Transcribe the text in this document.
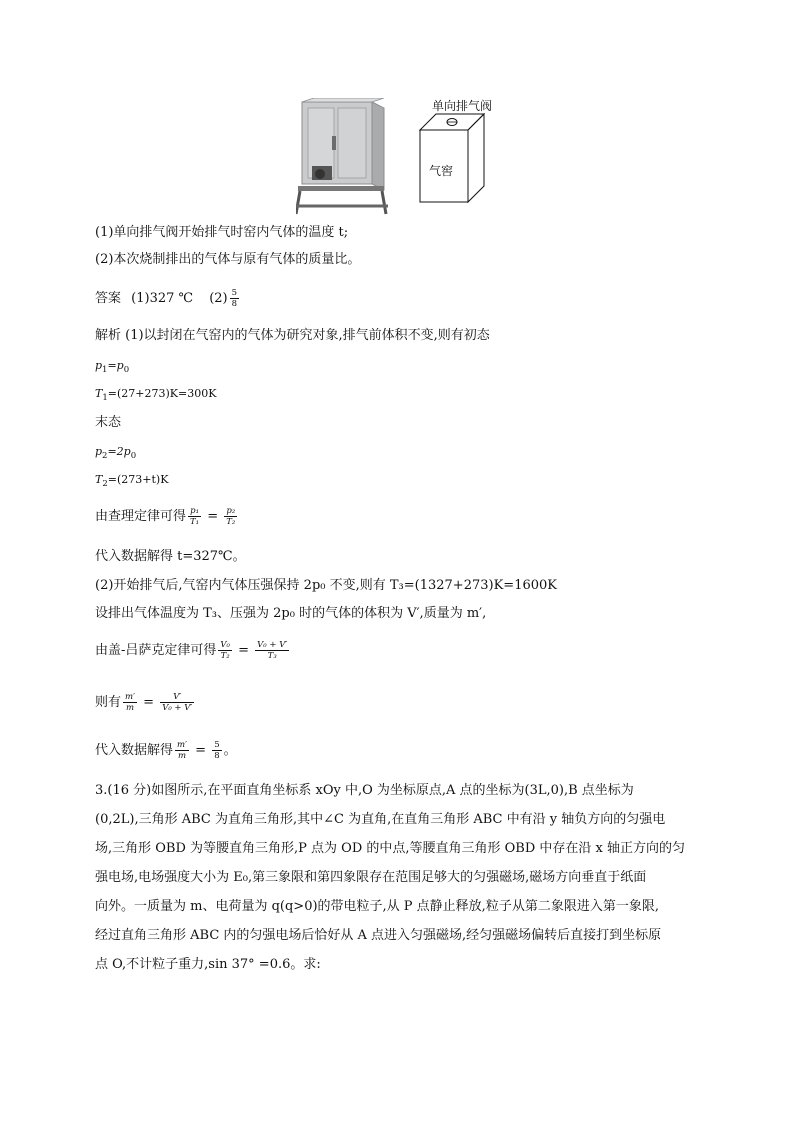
单向排气阀
气窖
(1)单向排气阀开始排气时窑内气体的温度 t;
(2)本次烧制排出的气体与原有气体的质量比。
答案 (1)327 ℃ $(2) \frac{5}{8}$
解析 (1)以封闭在气窑内的气体为研究对象,排气前体积不变,则有初态
$p_1=p_0$
$T_1=(27+273)K=300K$
末态
$p_2=2p_0$
$T_2=(273+t)K$
由查理定律可得 $\frac{\text{p₁}}{\text{T₁}} = \frac{\text{p₂}}{\text{T₂}}$
代入数据解得 t=327℃。
(2)开始排气后,气窑内气体压强保持 2p₀ 不变,则有 T₃=(1327+273)K=1600K
设排出气体温度为 T₃、压强为 2p₀ 时的气体的体积为 V′,质量为 m′,
由盖-吕萨克定律可得 $\frac{\text{V₀}}{\text{T₂}} = \frac{\text{V₀ + V′}}{\text{T₃}}$
则有 $\frac{m'}{m} = \frac{V'}{\text{V₀ + V′}}$
代入数据解得 $\frac{m'}{m} = \frac{5}{8}$ 。
3.(16 分)如图所示,在平面直角坐标系 xOy 中,O 为坐标原点,A 点的坐标为(3L,0),B 点坐标为
(0,2L),三角形 ABC 为直角三角形,其中∠C 为直角,在直角三角形 ABC 中有沿 y 轴负方向的匀强电
场,三角形 OBD 为等腰直角三角形,P 点为 OD 的中点,等腰直角三角形 OBD 中存在沿 x 轴正方向的匀
强电场,电场强度大小为 E₀,第三象限和第四象限存在范围足够大的匀强磁场,磁场方向垂直于纸面
向外。一质量为 m、电荷量为 q(q>0)的带电粒子,从 P 点静止释放,粒子从第二象限进入第一象限,
经过直角三角形 ABC 内的匀强电场后恰好从 A 点进入匀强磁场,经匀强磁场偏转后直接打到坐标原
点 O,不计粒子重力,sin 37° =0.6。求:
